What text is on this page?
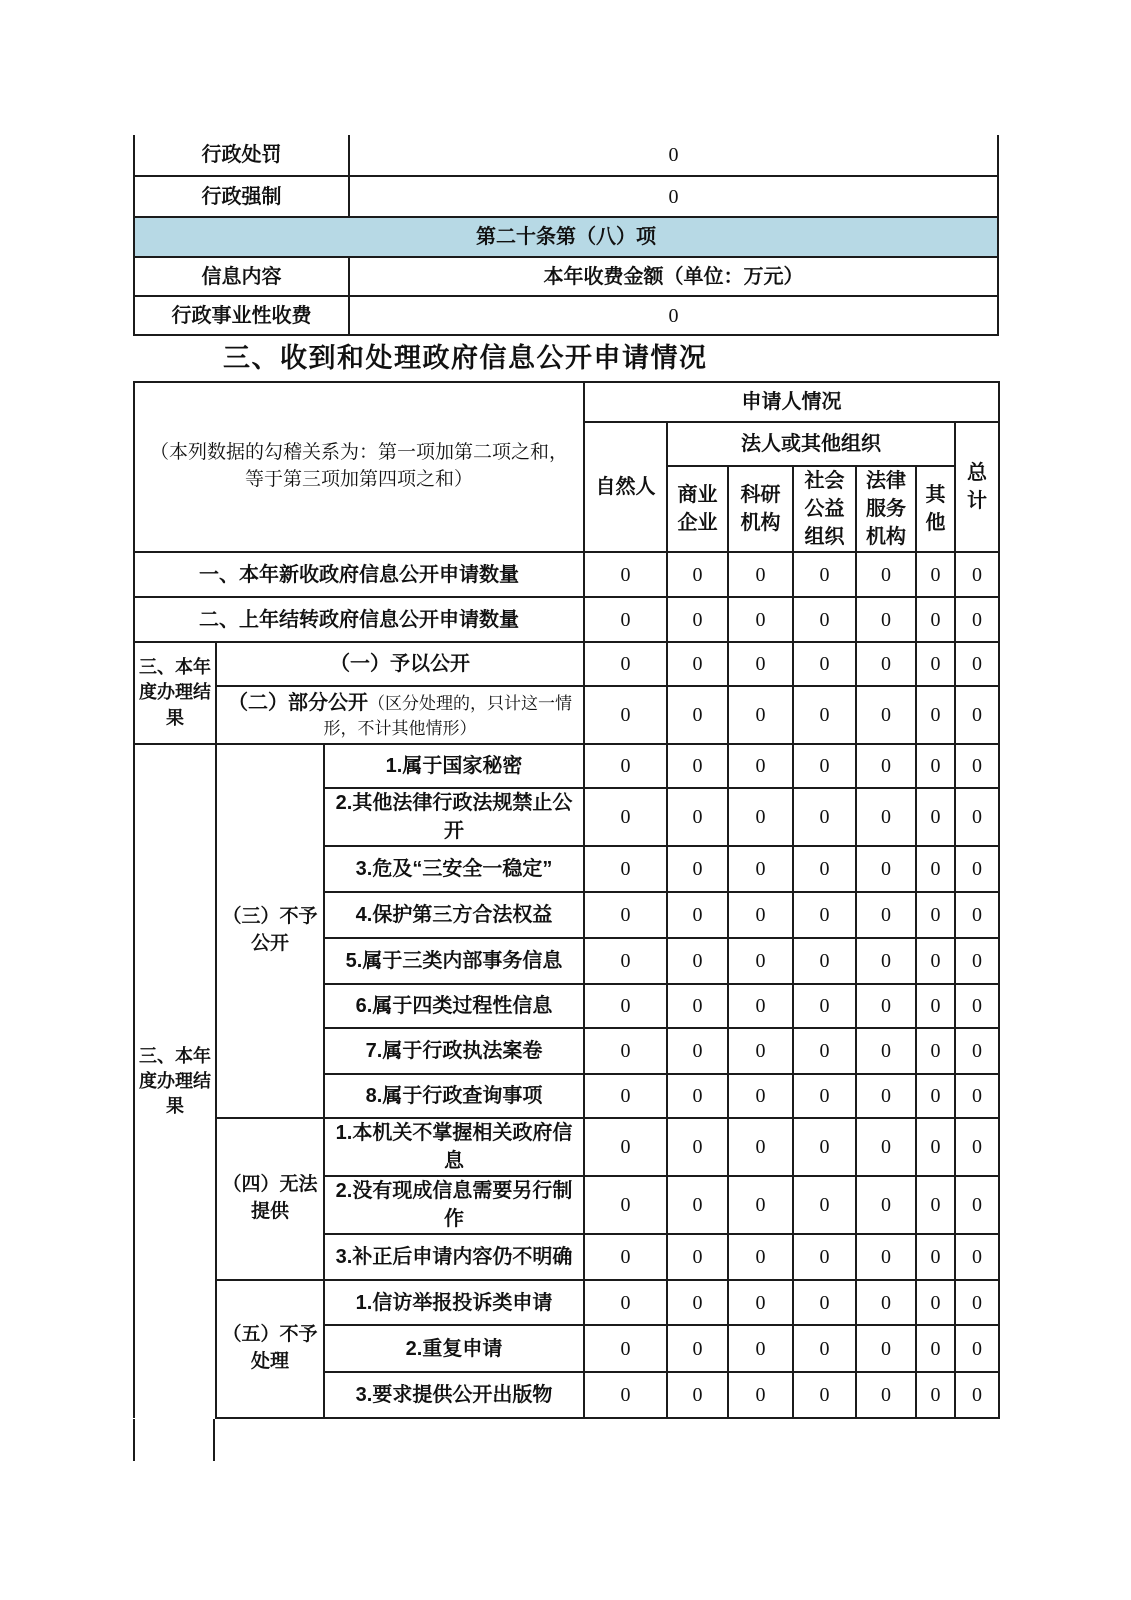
行政处罚	0
行政强制	0
第二十条第（八）项	
信息内容	本年收费金额（单位：万元）
行政事业性收费	0
三、收到和处理政府信息公开申请情况
（本列数据的勾稽关系为：第一项加第二项之和，
等于第三项加第四项之和）			申请人情况						
			自然人	法人或其他组织					总计
				商业企业	科研机构	社会公益组织	法律服务机构	其他	
一、本年新收政府信息公开申请数量			0	0	0	0	0	0	0
二、上年结转政府信息公开申请数量			0	0	0	0	0	0	0
三、本年度办理结果	（一）予以公开		0	0	0	0	0	0	0
	（二）部分公开（区分处理的，只计这一情形，不计其他情形）		0	0	0	0	0	0	0
三、本年度办理结果	（三）不予公开	1.属于国家秘密	0	0	0	0	0	0	0
		2.其他法律行政法规禁止公开	0	0	0	0	0	0	0
		3.危及“三安全一稳定”	0	0	0	0	0	0	0
		4.保护第三方合法权益	0	0	0	0	0	0	0
		5.属于三类内部事务信息	0	0	0	0	0	0	0
		6.属于四类过程性信息	0	0	0	0	0	0	0
		7.属于行政执法案卷	0	0	0	0	0	0	0
		8.属于行政查询事项	0	0	0	0	0	0	0
	（四）无法提供	1.本机关不掌握相关政府信息	0	0	0	0	0	0	0
		2.没有现成信息需要另行制作	0	0	0	0	0	0	0
		3.补正后申请内容仍不明确	0	0	0	0	0	0	0
	（五）不予处理	1.信访举报投诉类申请	0	0	0	0	0	0	0
		2.重复申请	0	0	0	0	0	0	0
		3.要求提供公开出版物	0	0	0	0	0	0	0
